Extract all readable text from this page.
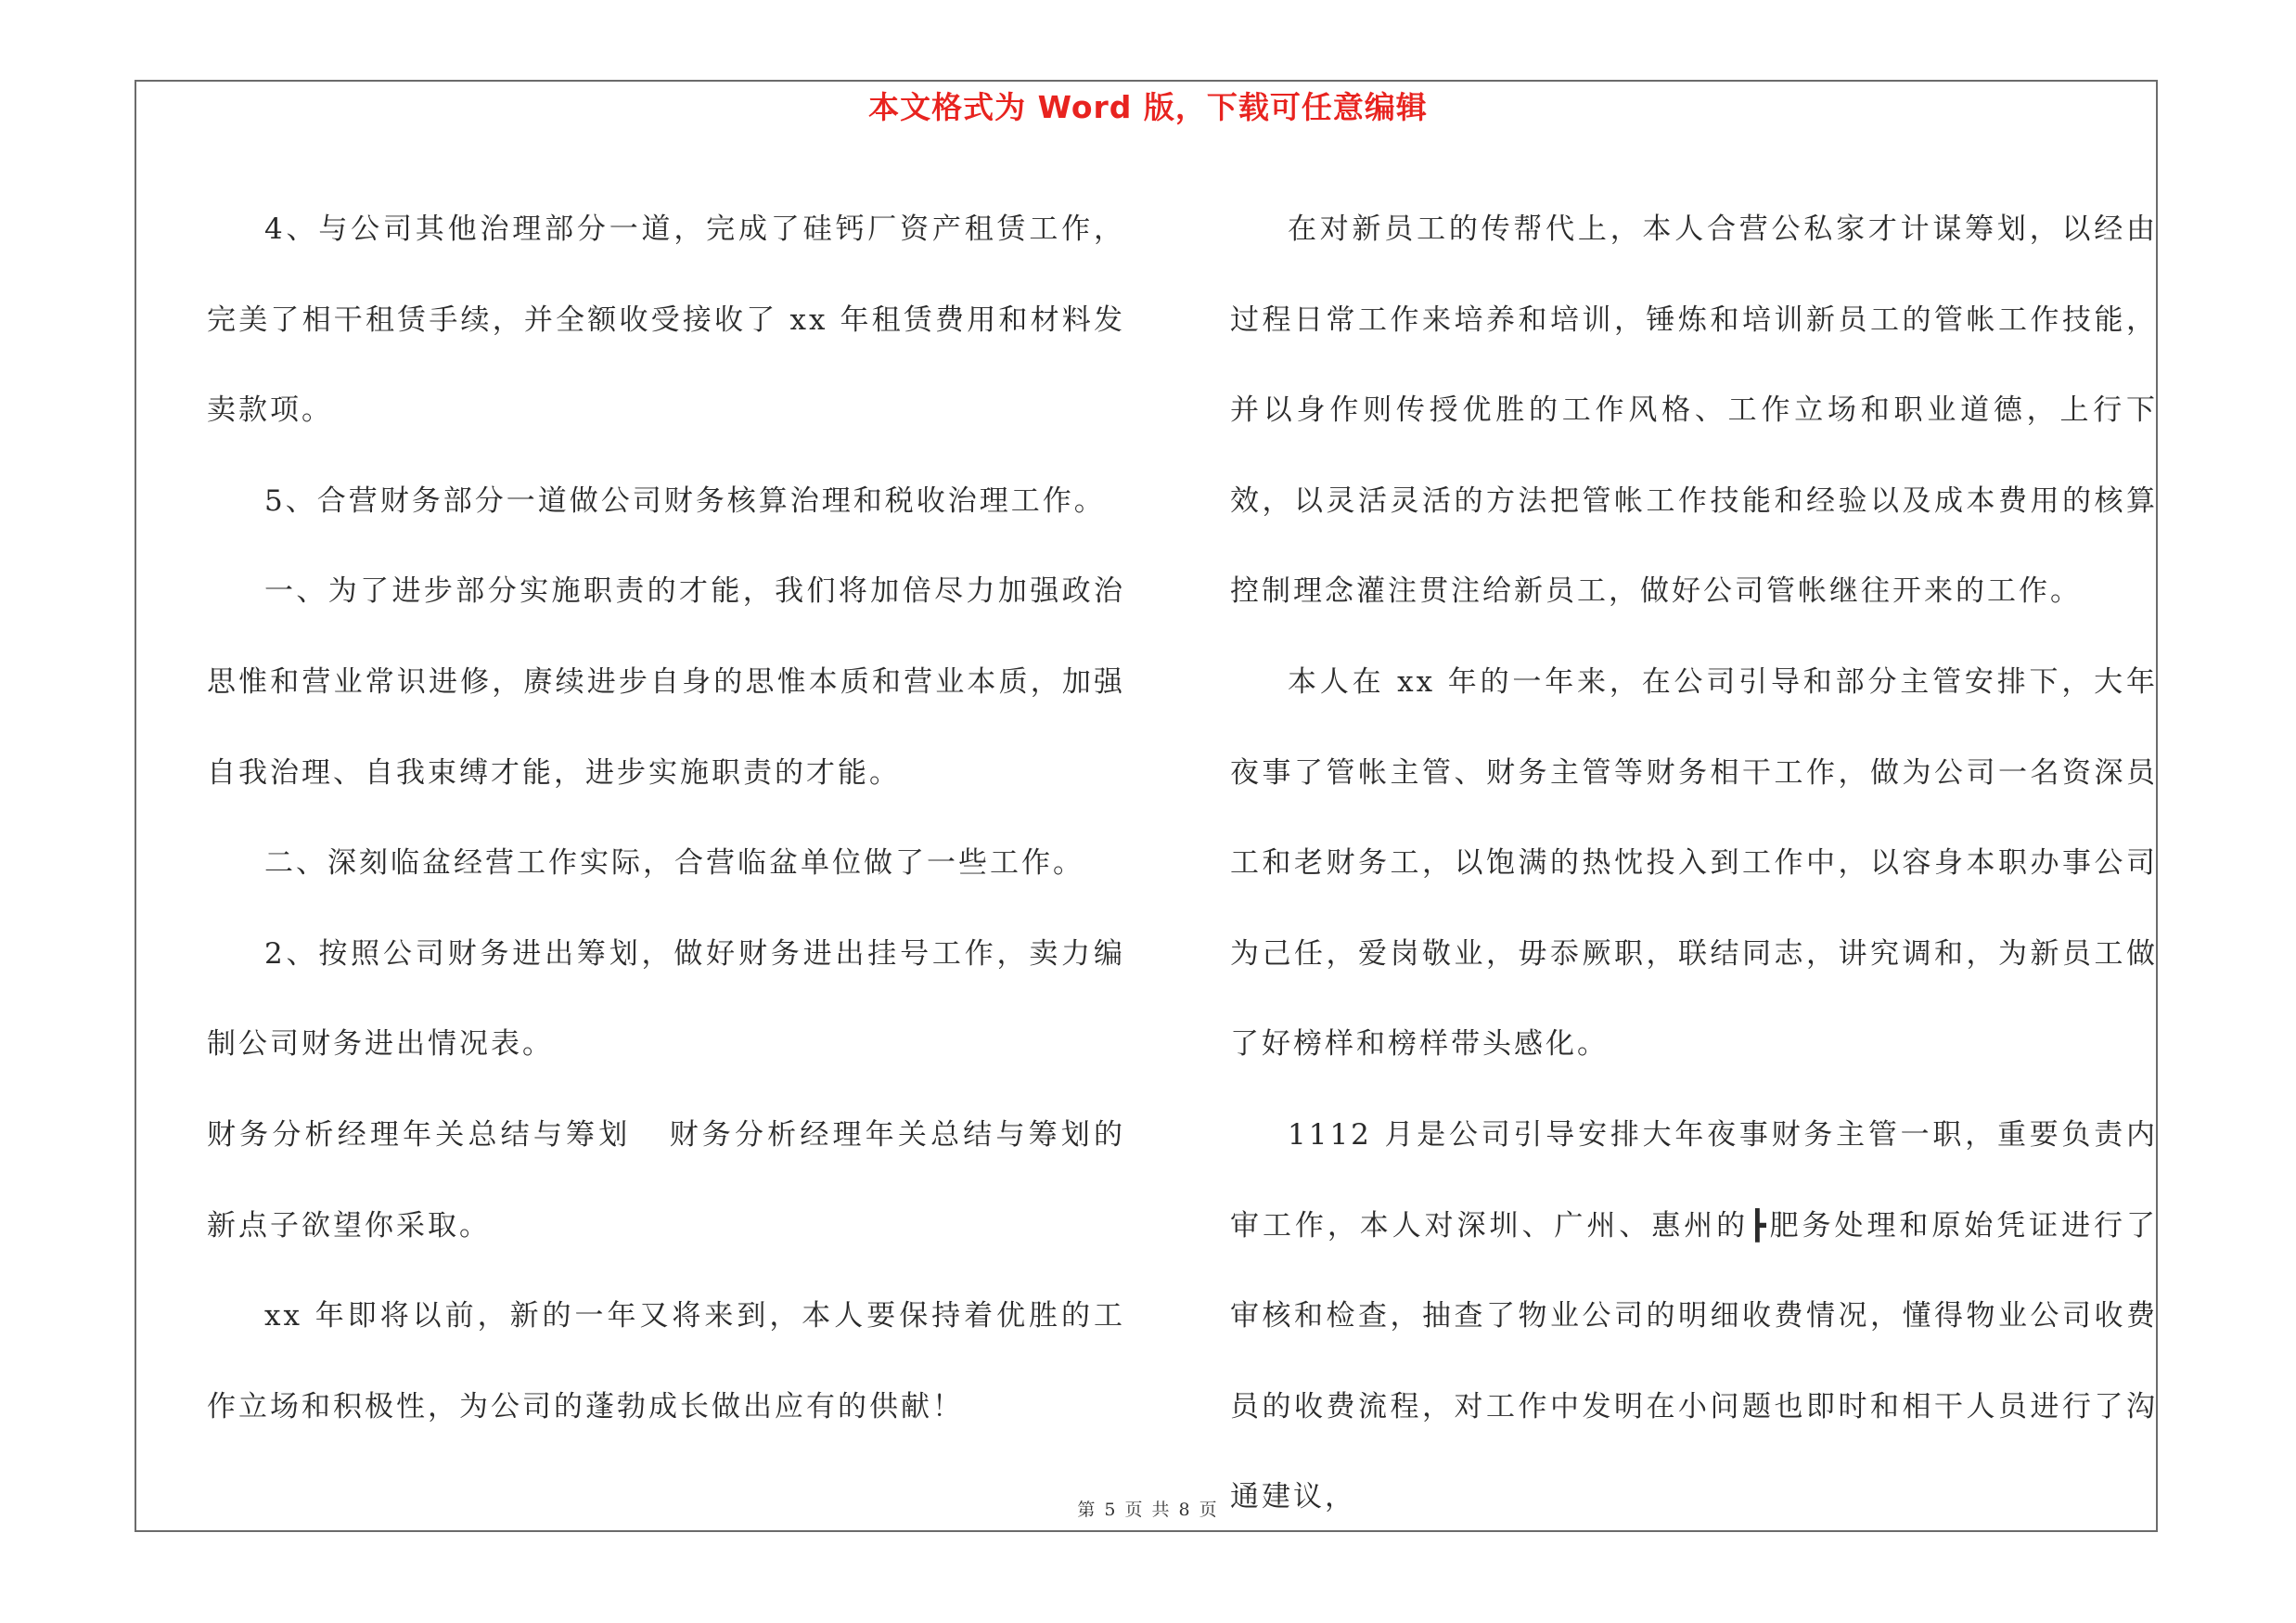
本文格式为 Word 版，下载可任意编辑

4、与公司其他治理部分一道，完成了硅钙厂资产租赁工作，完美了相干租赁手续，并全额收受接收了 xx 年租赁费用和材料发卖款项。

5、合营财务部分一道做公司财务核算治理和税收治理工作。

一、为了进步部分实施职责的才能，我们将加倍尽力加强政治思惟和营业常识进修，赓续进步自身的思惟本质和营业本质，加强自我治理、自我束缚才能，进步实施职责的才能。

二、深刻临盆经营工作实际，合营临盆单位做了一些工作。

2、按照公司财务进出筹划，做好财务进出挂号工作，卖力编制公司财务进出情况表。

财务分析经理年关总结与筹划 财务分析经理年关总结与筹划的新点子欲望你采取。

xx 年即将以前，新的一年又将来到，本人要保持着优胜的工作立场和积极性，为公司的蓬勃成长做出应有的供献！

在对新员工的传帮代上，本人合营公私家才计谋筹划，以经由过程日常工作来培养和培训，锤炼和培训新员工的管帐工作技能，并以身作则传授优胜的工作风格、工作立场和职业道德，上行下效，以灵活灵活的方法把管帐工作技能和经验以及成本费用的核算控制理念灌注贯注给新员工，做好公司管帐继往开来的工作。

本人在 xx 年的一年来，在公司引导和部分主管安排下，大年夜事了管帐主管、财务主管等财务相干工作，做为公司一名资深员工和老财务工，以饱满的热忱投入到工作中，以容身本职办事公司为己任，爱岗敬业，毋忝厥职，联结同志，讲究调和，为新员工做了好榜样和榜样带头感化。

1112 月是公司引导安排大年夜事财务主管一职，重要负责内审工作，本人对深圳、广州、惠州的┣肥务处理和原始凭证进行了审核和检查，抽查了物业公司的明细收费情况，懂得物业公司收费员的收费流程，对工作中发明在小问题也即时和相干人员进行了沟通建议，

第 5 页 共 8 页
